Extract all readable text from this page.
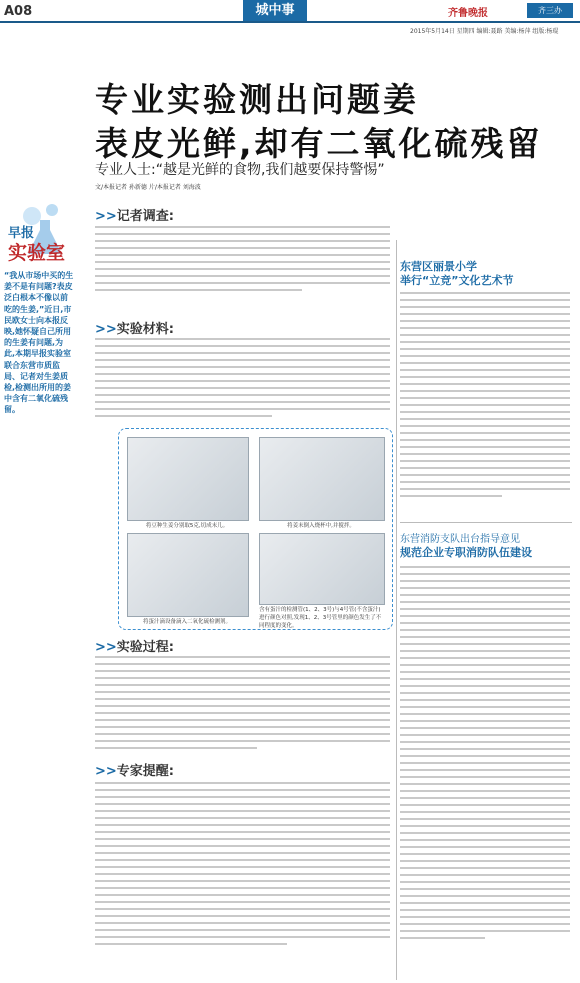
A08	城中事	齐鲁晚报	齐三办
2015年5月14日 星期四 编辑:聂路 美编:杨萍 组版:杨琨
专业实验测出问题姜
表皮光鲜,却有二氧化硫残留
专业人士:“越是光鲜的食物,我们越要保持警惕”
文/本报记者 孙新德 片/本报记者 刘海波
早报
实验室
“我从市场中买的生姜不是有问题?表皮泛白根本不像以前吃的生姜,”近日,市民欧女士向本报反映,她怀疑自己所用的生姜有问题,为此,本期早报实验室联合东营市质监局、记者对生姜质检,检测出所用的姜中含有二氧化硫残留。
>>记者调查:
>>实验材料:
将豆种生姜分别取5克,切成末儿。	将姜末倒入烧杯中,并搅拌。
将蛋汁滴设备滴入二氧化硫检测剂。
含有蛋汁的检测管(1、2、3号)与4号管(不含蛋汁)进行颜色对照,发现1、2、3号管里的颜色发生了不同程度的变化。
>>实验过程:
>>专家提醒:
东营区丽景小学
举行“立竞”文化艺术节
东营消防支队出台指导意见
规范企业专职消防队伍建设
